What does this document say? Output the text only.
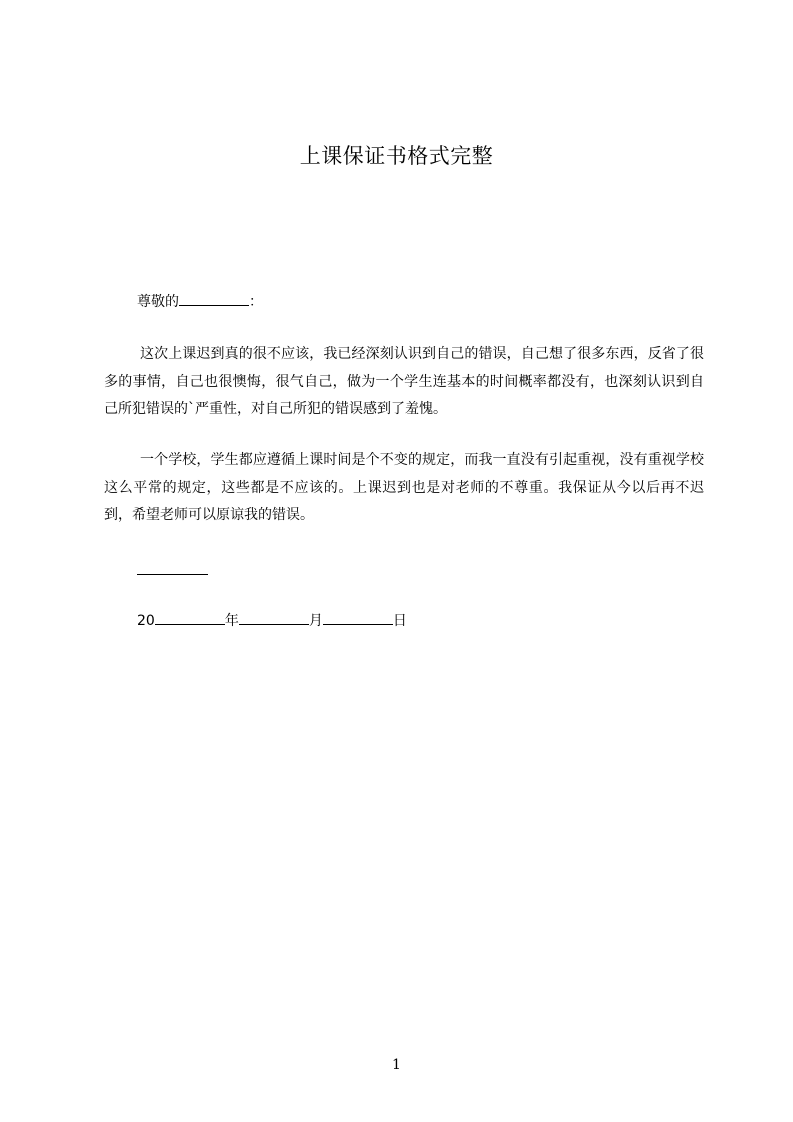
上课保证书格式完整
尊敬的	：

这次上课迟到真的很不应该，我已经深刻认识到自己的错误，自己想了很多东西，反省了很多的事情，自己也很懊悔，很气自己，做为一个学生连基本的时间概率都没有，也深刻认识到自己所犯错误的`严重性，对自己所犯的错误感到了羞愧。

一个学校，学生都应遵循上课时间是个不变的规定，而我一直没有引起重视，没有重视学校这么平常的规定，这些都是不应该的。上课迟到也是对老师的不尊重。我保证从今以后再不迟到，希望老师可以原谅我的错误。

20	年	月	日
1
